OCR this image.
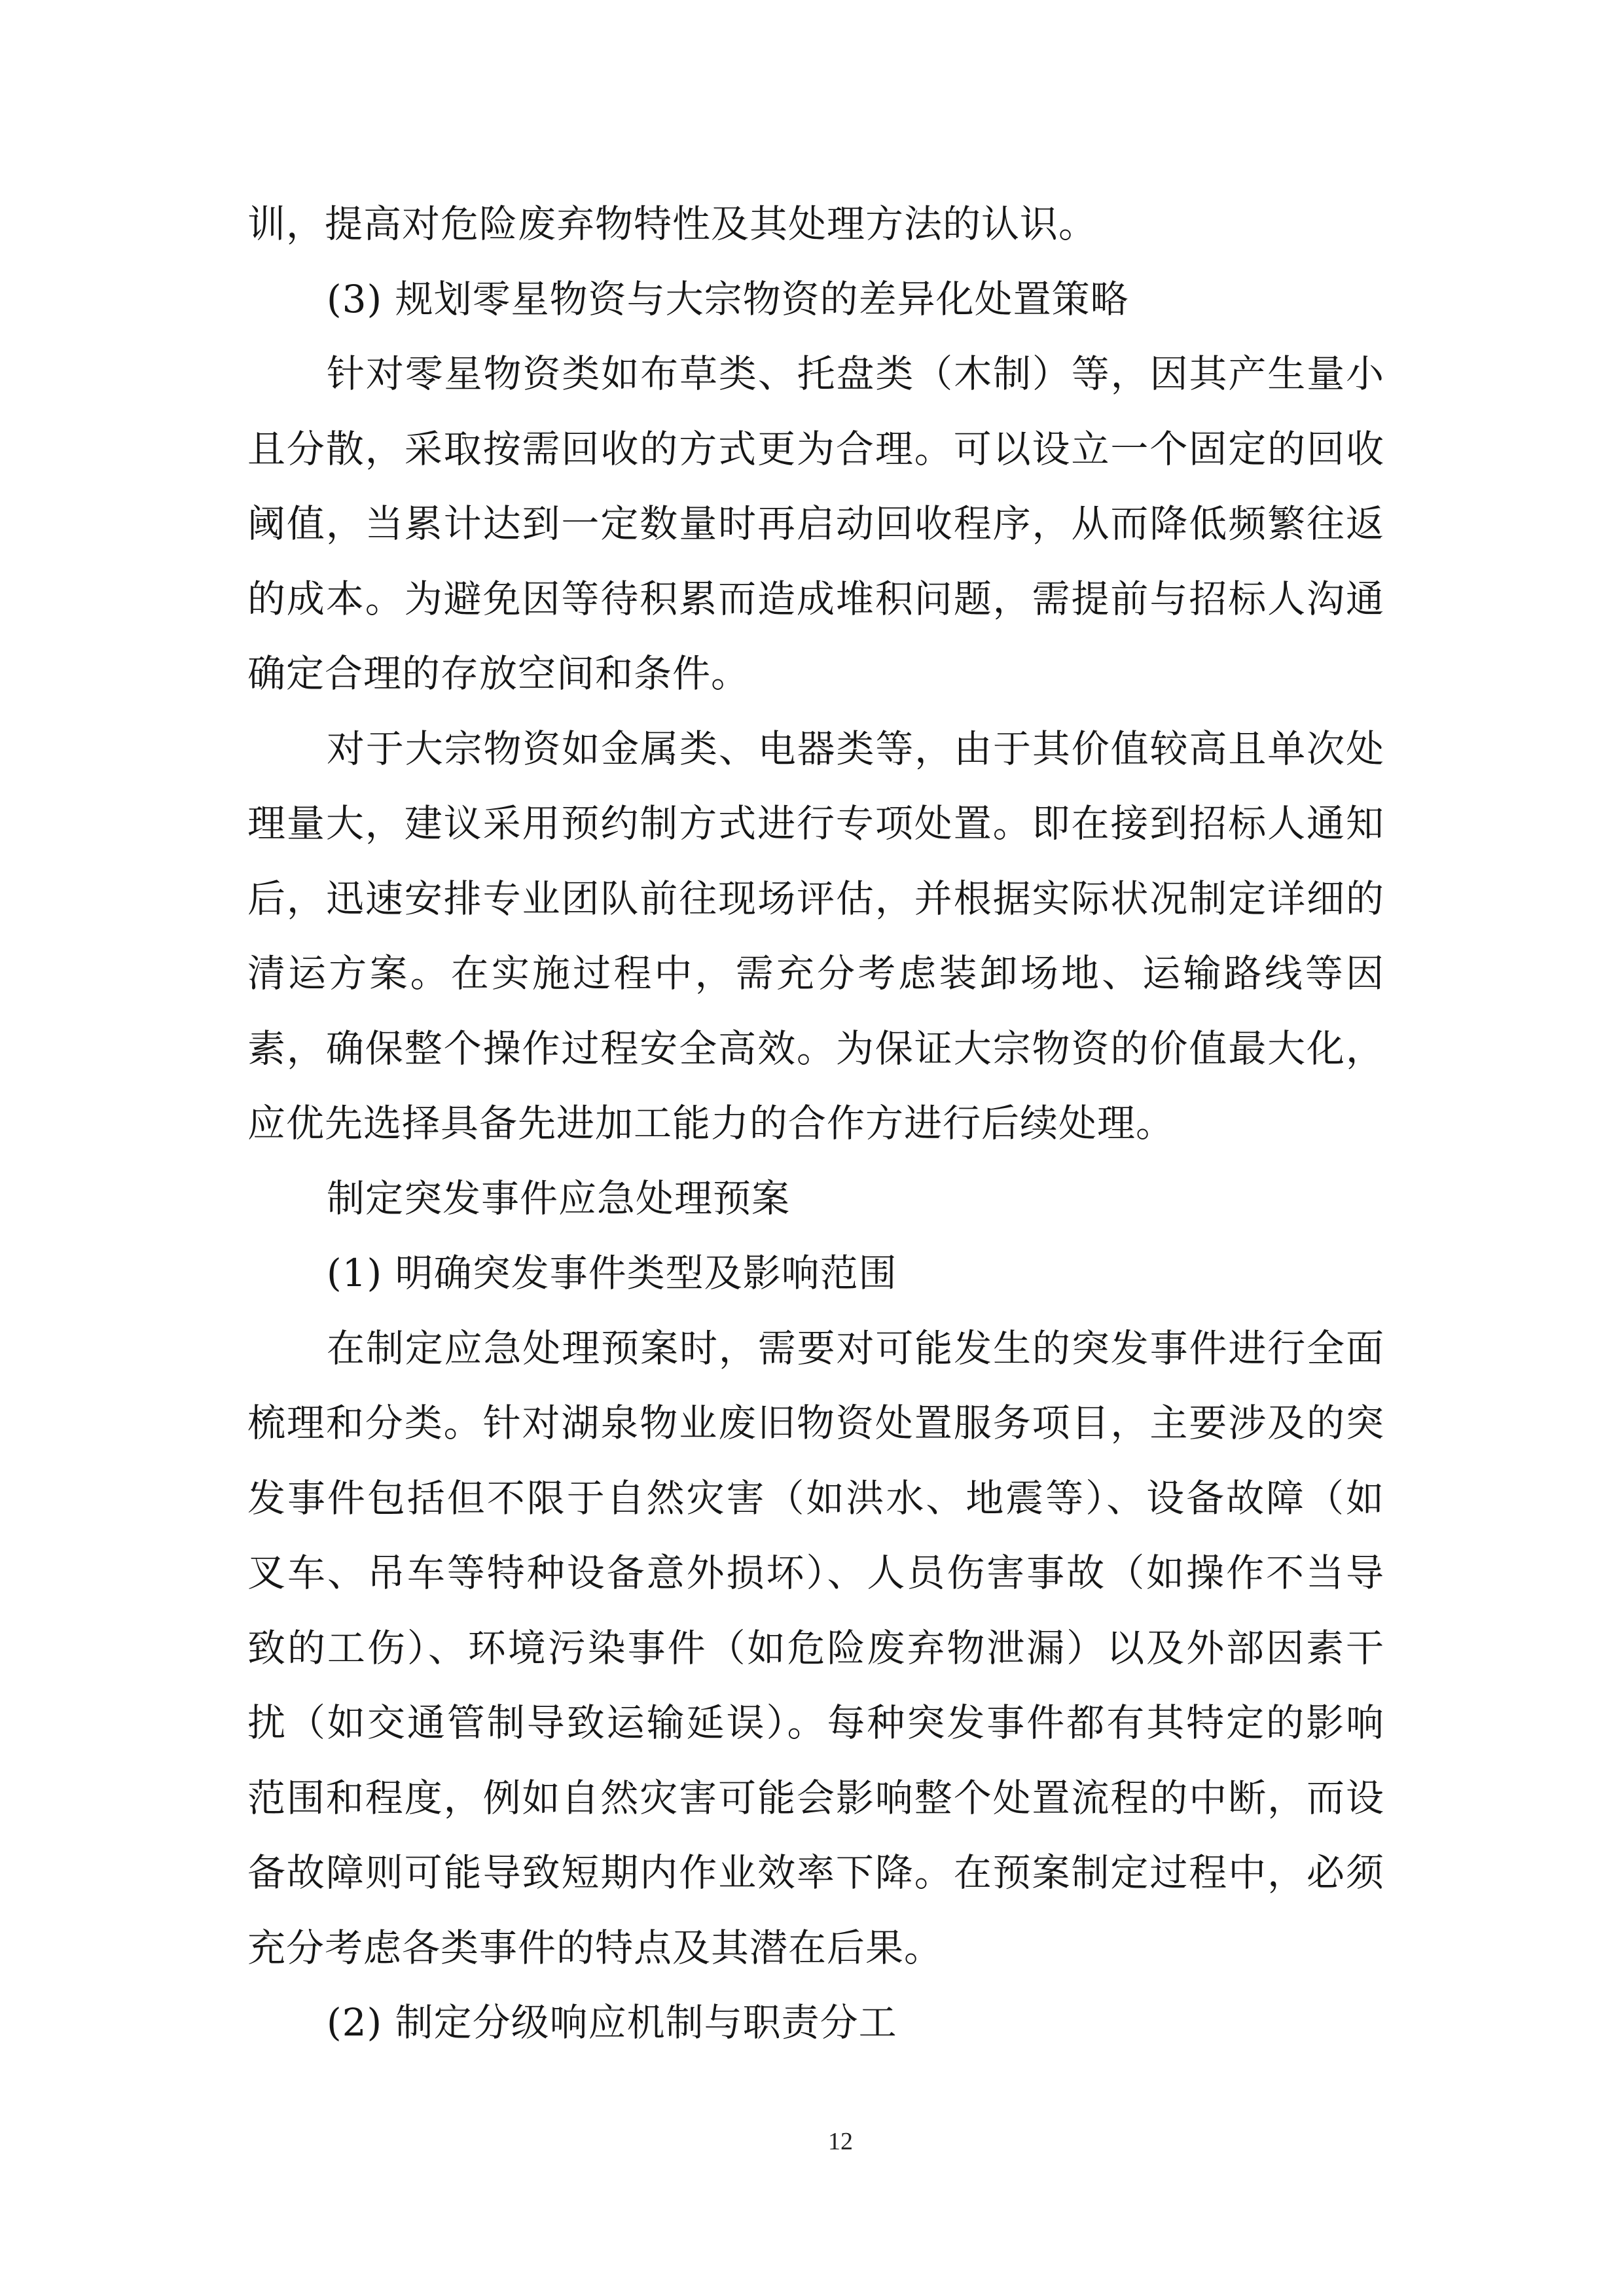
训，提高对危险废弃物特性及其处理方法的认识。
(3) 规划零星物资与大宗物资的差异化处置策略
针对零星物资类如布草类、托盘类（木制）等，因其产生量小
且分散，采取按需回收的方式更为合理。可以设立一个固定的回收
阈值，当累计达到一定数量时再启动回收程序，从而降低频繁往返
的成本。为避免因等待积累而造成堆积问题，需提前与招标人沟通
确定合理的存放空间和条件。
对于大宗物资如金属类、电器类等，由于其价值较高且单次处
理量大，建议采用预约制方式进行专项处置。即在接到招标人通知
后，迅速安排专业团队前往现场评估，并根据实际状况制定详细的
清运方案。在实施过程中，需充分考虑装卸场地、运输路线等因
素，确保整个操作过程安全高效。为保证大宗物资的价值最大化，
应优先选择具备先进加工能力的合作方进行后续处理。
制定突发事件应急处理预案
(1) 明确突发事件类型及影响范围
在制定应急处理预案时，需要对可能发生的突发事件进行全面
梳理和分类。针对湖泉物业废旧物资处置服务项目，主要涉及的突
发事件包括但不限于自然灾害（如洪水、地震等）、设备故障（如
叉车、吊车等特种设备意外损坏）、人员伤害事故（如操作不当导
致的工伤）、环境污染事件（如危险废弃物泄漏）以及外部因素干
扰（如交通管制导致运输延误）。每种突发事件都有其特定的影响
范围和程度，例如自然灾害可能会影响整个处置流程的中断，而设
备故障则可能导致短期内作业效率下降。在预案制定过程中，必须
充分考虑各类事件的特点及其潜在后果。
(2) 制定分级响应机制与职责分工
12
